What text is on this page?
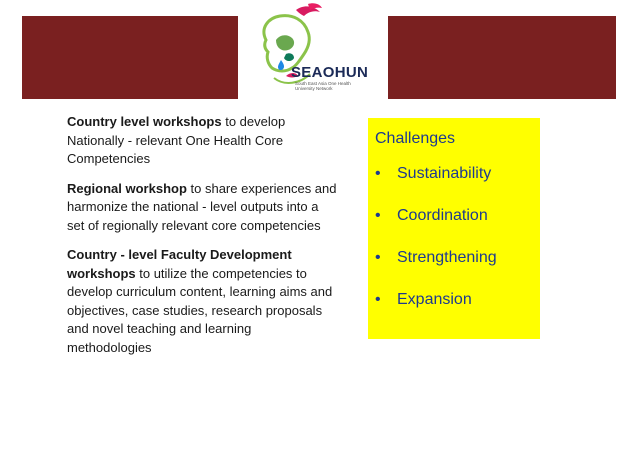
SEAOHUN
South East Asia One Health University Network

Country level workshops to develop Nationally - relevant One Health Core Competencies

Regional workshop to share experiences and harmonize the national - level outputs into a set of regionally relevant core competencies

Country - level Faculty Development workshops to utilize the competencies to develop curriculum content, learning aims and objectives, case studies, research proposals and novel teaching and learning methodologies

Challenges
•	Sustainability
•	Coordination
•	Strengthening
•	Expansion
